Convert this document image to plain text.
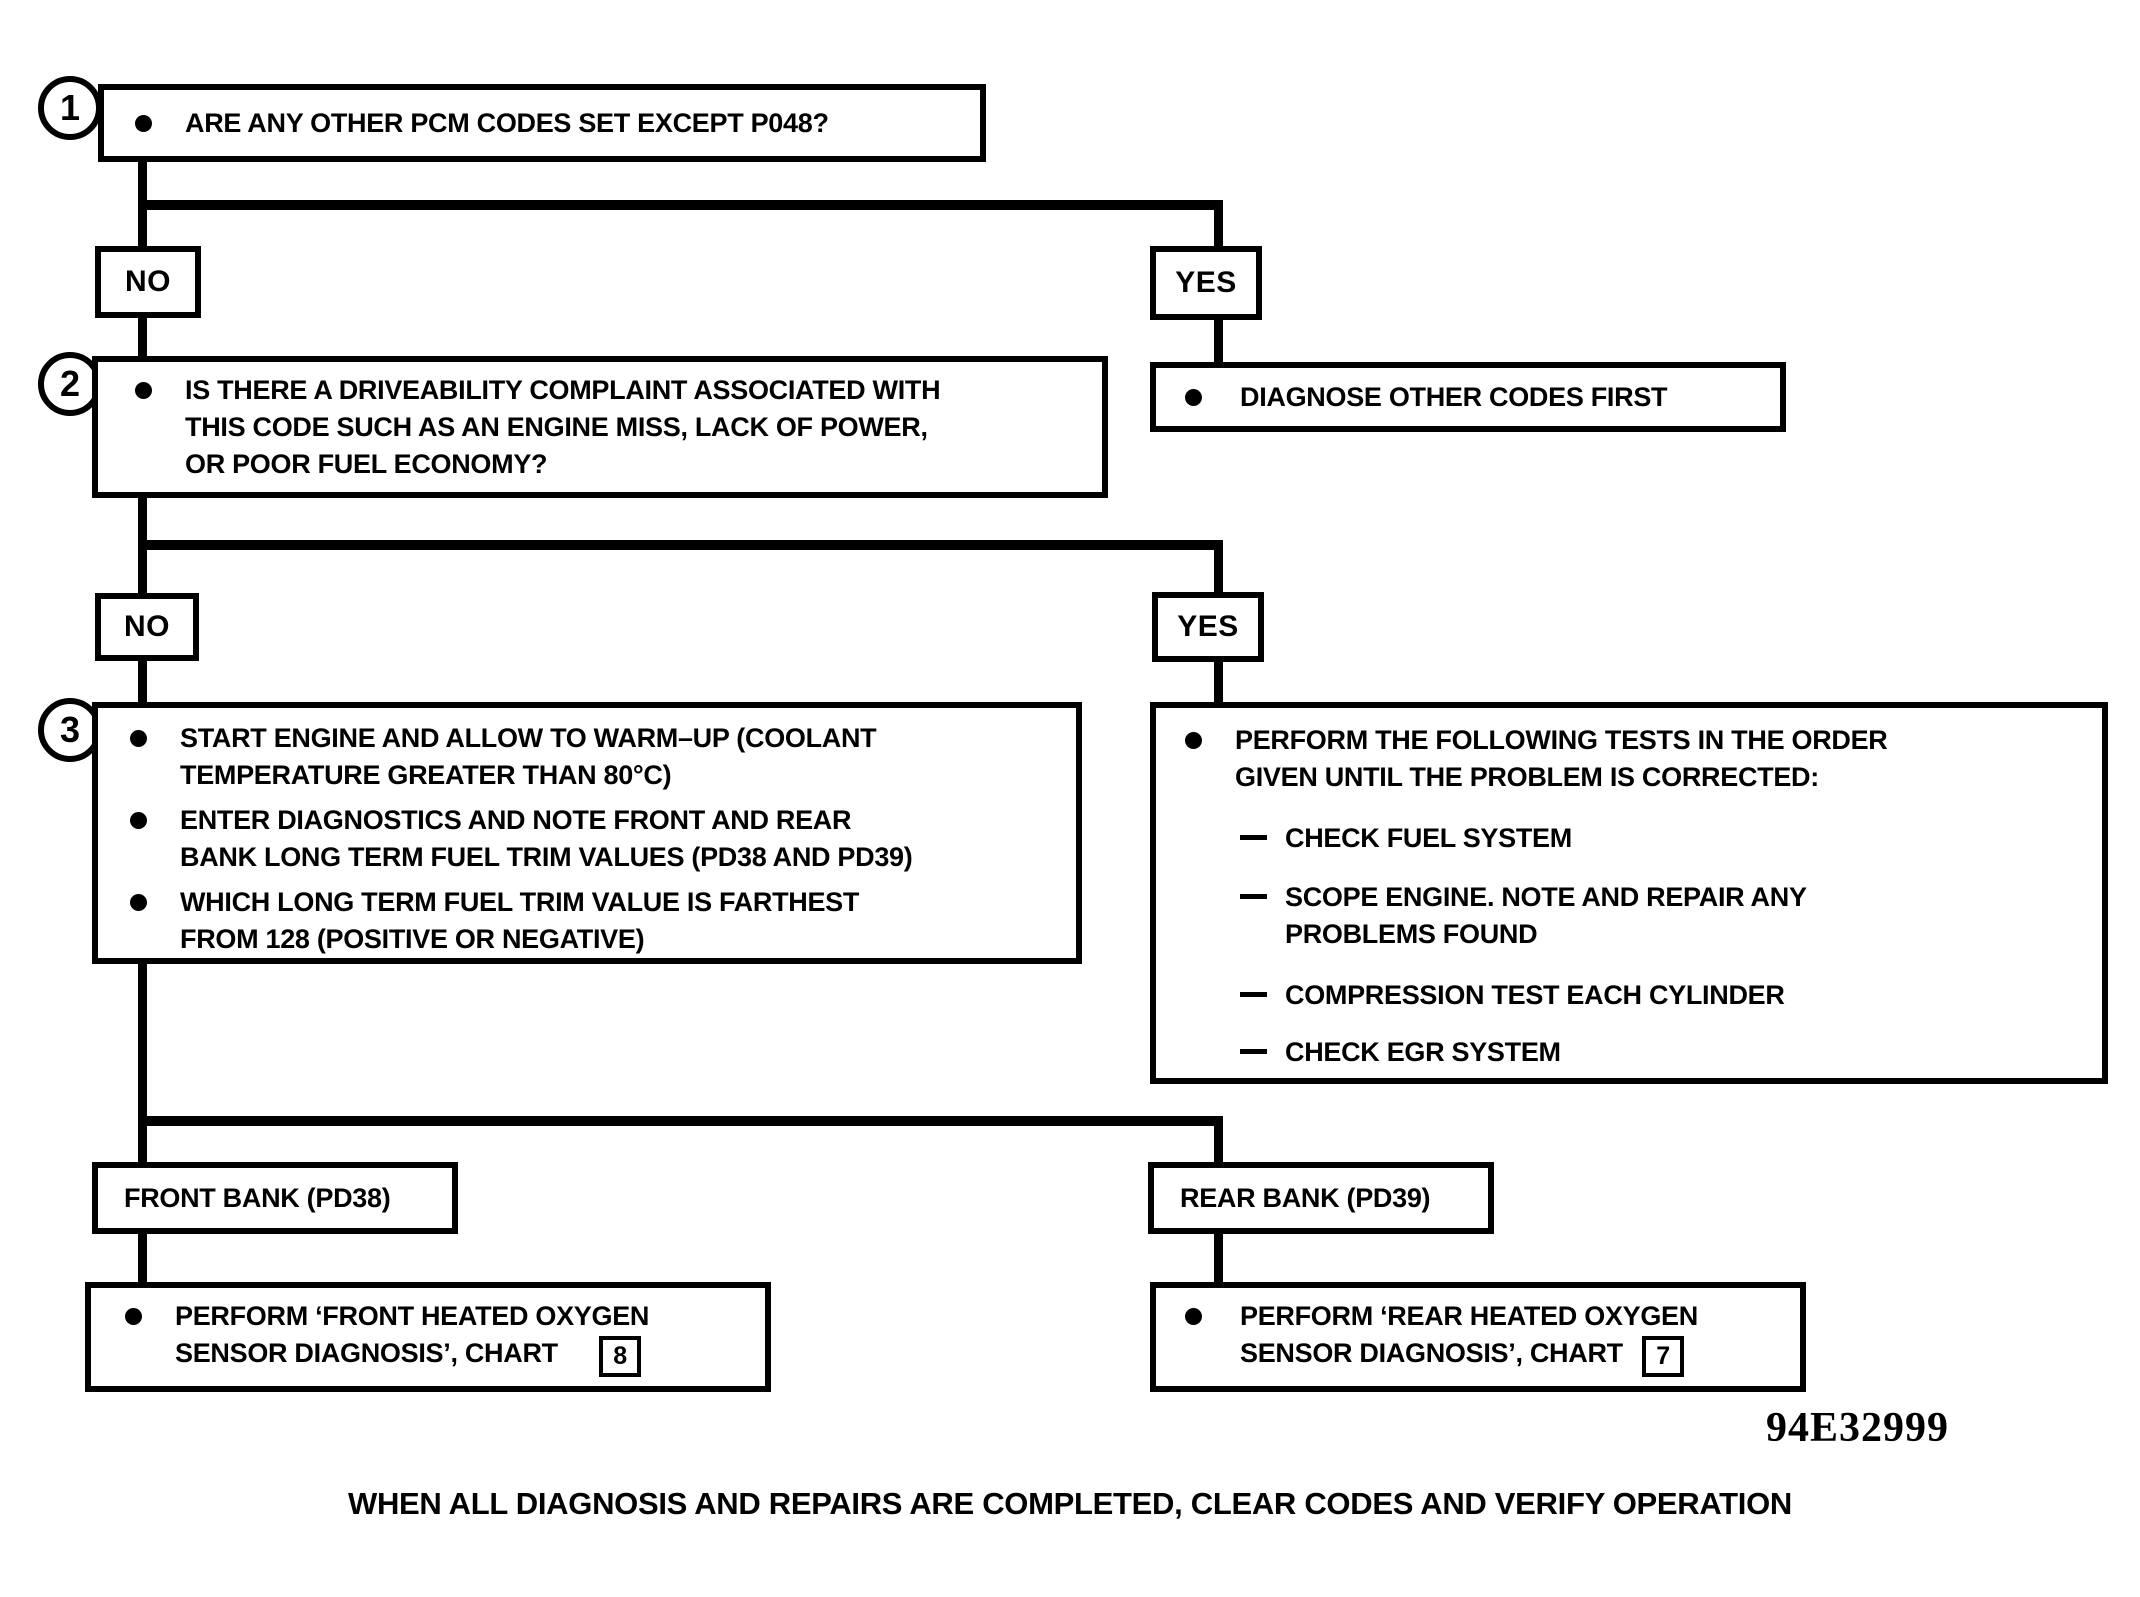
1	ARE ANY OTHER PCM CODES SET EXCEPT P048?
NO	YES
DIAGNOSE OTHER CODES FIRST
2	IS THERE A DRIVEABILITY COMPLAINT ASSOCIATED WITH
THIS CODE SUCH AS AN ENGINE MISS, LACK OF POWER,
OR POOR FUEL ECONOMY?
NO	YES
3	START ENGINE AND ALLOW TO WARM–UP (COOLANT
TEMPERATURE GREATER THAN 80°C)
ENTER DIAGNOSTICS AND NOTE FRONT AND REAR
BANK LONG TERM FUEL TRIM VALUES (PD38 AND PD39)
WHICH LONG TERM FUEL TRIM VALUE IS FARTHEST
FROM 128 (POSITIVE OR NEGATIVE)
PERFORM THE FOLLOWING TESTS IN THE ORDER
GIVEN UNTIL THE PROBLEM IS CORRECTED:
CHECK FUEL SYSTEM
SCOPE ENGINE. NOTE AND REPAIR ANY
PROBLEMS FOUND
COMPRESSION TEST EACH CYLINDER
CHECK EGR SYSTEM
FRONT BANK (PD38)	REAR BANK (PD39)
PERFORM ‘FRONT HEATED OXYGEN
SENSOR DIAGNOSIS’, CHART 8
PERFORM ‘REAR HEATED OXYGEN
SENSOR DIAGNOSIS’, CHART 7
94E32999
WHEN ALL DIAGNOSIS AND REPAIRS ARE COMPLETED, CLEAR CODES AND VERIFY OPERATION
